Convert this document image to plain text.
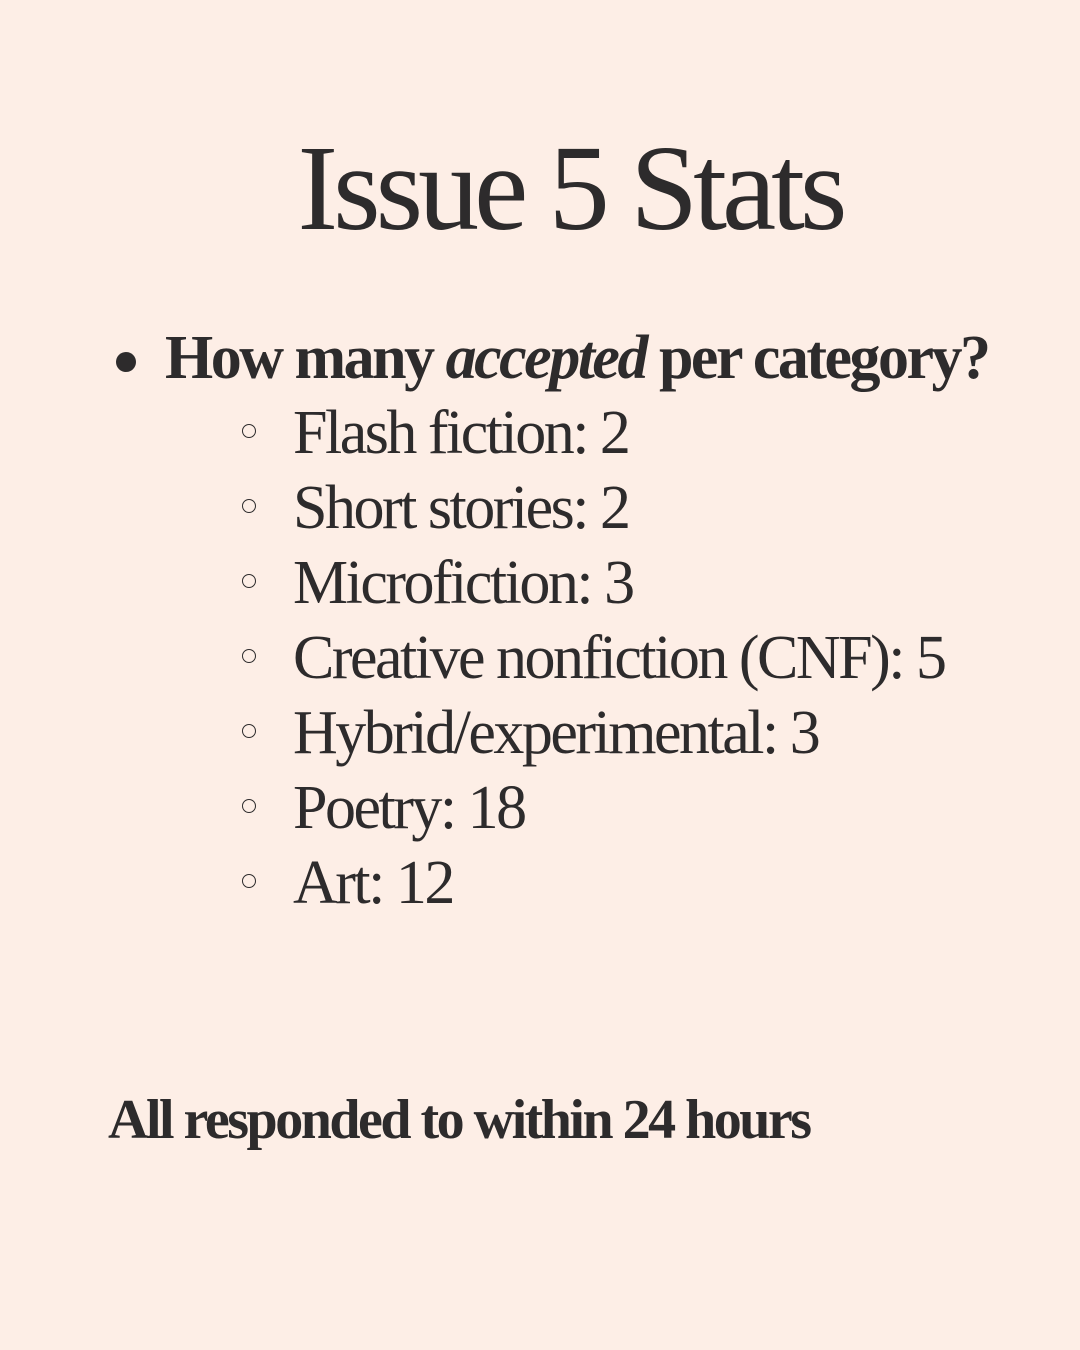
Issue 5 Stats

How many accepted per category?

Flash fiction: 2
Short stories: 2
Microfiction: 3
Creative nonfiction (CNF): 5
Hybrid/experimental: 3
Poetry: 18
Art: 12

All responded to within 24 hours
